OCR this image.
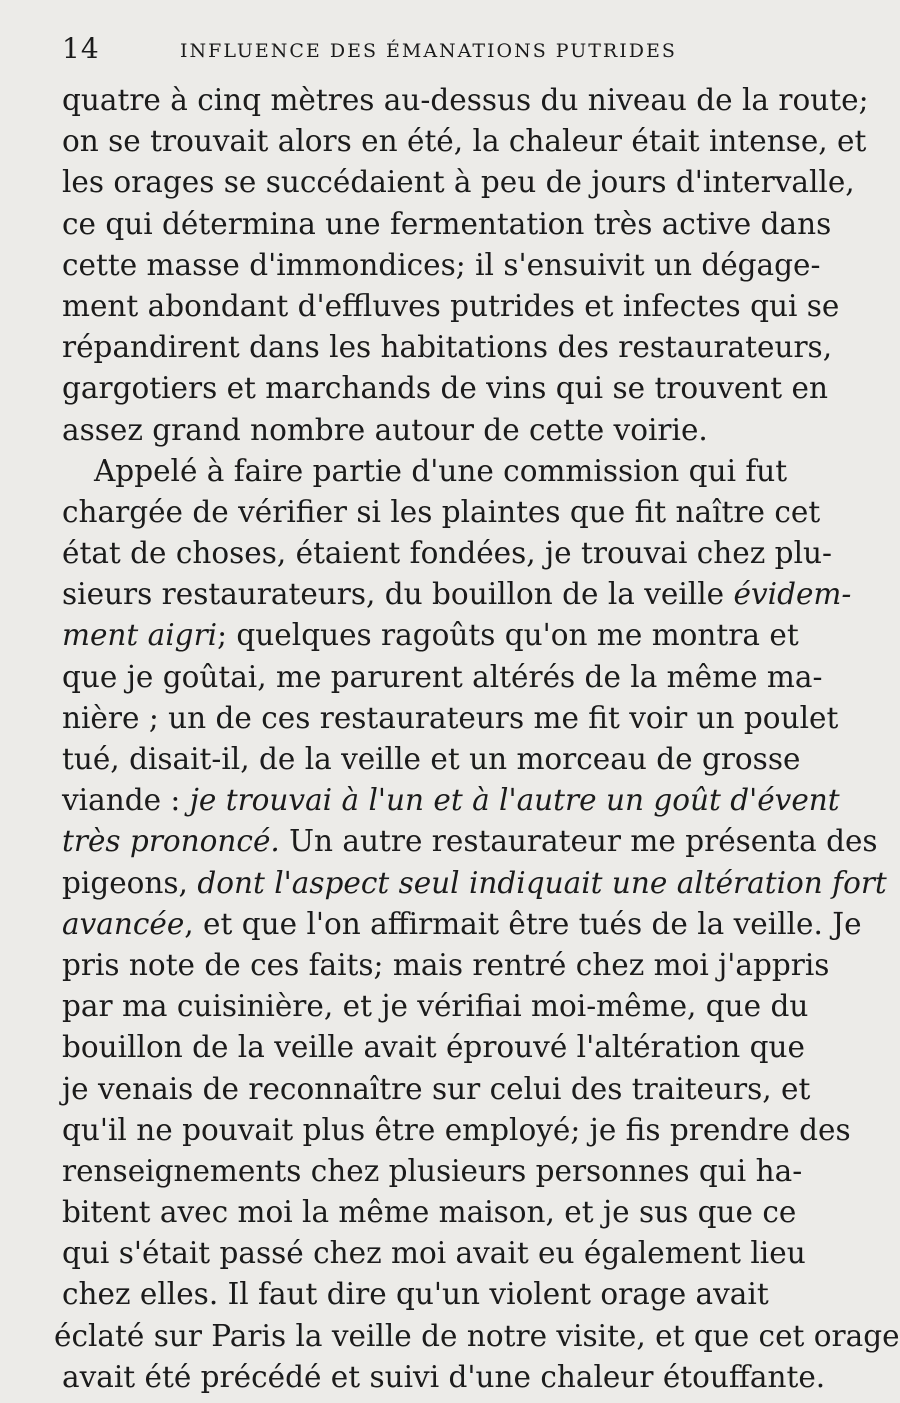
14	INFLUENCE DES ÉMANATIONS PUTRIDES
quatre à cinq mètres au-dessus du niveau de la route;
on se trouvait alors en été, la chaleur était intense, et
les orages se succédaient à peu de jours d'intervalle,
ce qui détermina une fermentation très active dans
cette masse d'immondices; il s'ensuivit un dégage-
ment abondant d'effluves putrides et infectes qui se
répandirent dans les habitations des restaurateurs,
gargotiers et marchands de vins qui se trouvent en
assez grand nombre autour de cette voirie.
Appelé à faire partie d'une commission qui fut
chargée de vérifier si les plaintes que fit naître cet
état de choses, étaient fondées, je trouvai chez plu-
sieurs restaurateurs, du bouillon de la veille évidem-
ment aigri; quelques ragoûts qu'on me montra et
que je goûtai, me parurent altérés de la même ma-
nière ; un de ces restaurateurs me fit voir un poulet
tué, disait-il, de la veille et un morceau de grosse
viande : je trouvai à l'un et à l'autre un goût d'évent
très prononcé. Un autre restaurateur me présenta des
pigeons, dont l'aspect seul indiquait une altération fort
avancée, et que l'on affirmait être tués de la veille. Je
pris note de ces faits; mais rentré chez moi j'appris
par ma cuisinière, et je vérifiai moi-même, que du
bouillon de la veille avait éprouvé l'altération que
je venais de reconnaître sur celui des traiteurs, et
qu'il ne pouvait plus être employé; je fis prendre des
renseignements chez plusieurs personnes qui ha-
bitent avec moi la même maison, et je sus que ce
qui s'était passé chez moi avait eu également lieu
chez elles. Il faut dire qu'un violent orage avait
éclaté sur Paris la veille de notre visite, et que cet orage
avait été précédé et suivi d'une chaleur étouffante.
